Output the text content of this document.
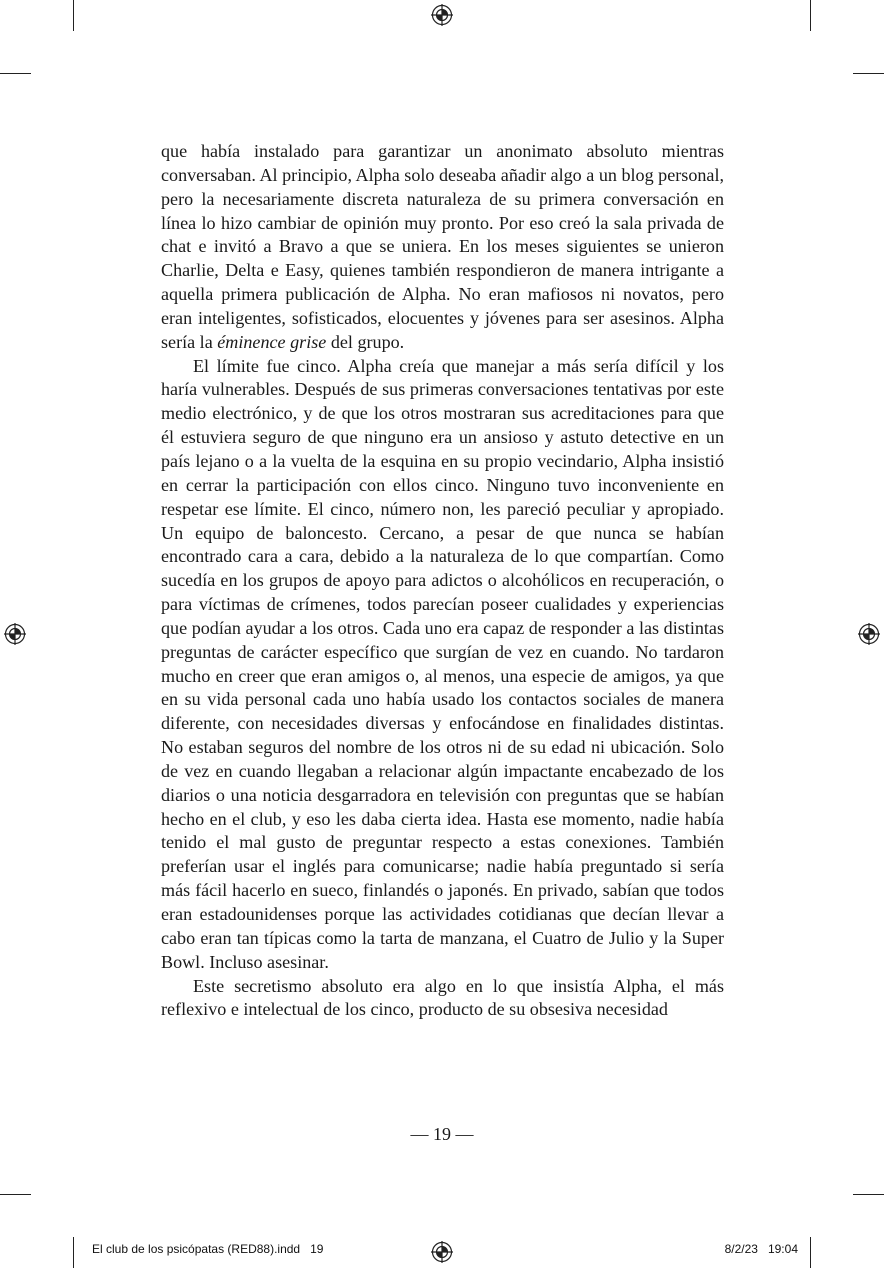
que había instalado para garantizar un anonimato absoluto mientras conversaban. Al principio, Alpha solo deseaba añadir algo a un blog personal, pero la necesariamente discreta naturaleza de su primera conversación en línea lo hizo cambiar de opinión muy pronto. Por eso creó la sala privada de chat e invitó a Bravo a que se uniera. En los meses siguientes se unieron Charlie, Delta e Easy, quienes también respondieron de manera intrigante a aquella primera publicación de Alpha. No eran mafiosos ni novatos, pero eran inteligentes, sofisticados, elocuentes y jóvenes para ser asesinos. Alpha sería la éminence grise del grupo.

El límite fue cinco. Alpha creía que manejar a más sería difícil y los haría vulnerables. Después de sus primeras conversaciones tentativas por este medio electrónico, y de que los otros mostraran sus acreditaciones para que él estuviera seguro de que ninguno era un ansioso y astuto detective en un país lejano o a la vuelta de la esquina en su propio vecindario, Alpha insistió en cerrar la participación con ellos cinco. Ninguno tuvo inconveniente en respetar ese límite. El cinco, número non, les pareció peculiar y apropiado. Un equipo de baloncesto. Cercano, a pesar de que nunca se habían encontrado cara a cara, debido a la naturaleza de lo que compartían. Como sucedía en los grupos de apoyo para adictos o alcohólicos en recuperación, o para víctimas de crímenes, todos parecían poseer cualidades y experiencias que podían ayudar a los otros. Cada uno era capaz de responder a las distintas preguntas de carácter específico que surgían de vez en cuando. No tardaron mucho en creer que eran amigos o, al menos, una especie de amigos, ya que en su vida personal cada uno había usado los contactos sociales de manera diferente, con necesidades diversas y enfocándose en finalidades distintas. No estaban seguros del nombre de los otros ni de su edad ni ubicación. Solo de vez en cuando llegaban a relacionar algún impactante encabezado de los diarios o una noticia desgarradora en televisión con preguntas que se habían hecho en el club, y eso les daba cierta idea. Hasta ese momento, nadie había tenido el mal gusto de preguntar respecto a estas conexiones. También preferían usar el inglés para comunicarse; nadie había preguntado si sería más fácil hacerlo en sueco, finlandés o japonés. En privado, sabían que todos eran estadounidenses porque las actividades cotidianas que decían llevar a cabo eran tan típicas como la tarta de manzana, el Cuatro de Julio y la Super Bowl. Incluso asesinar.

Este secretismo absoluto era algo en lo que insistía Alpha, el más reflexivo e intelectual de los cinco, producto de su obsesiva necesidad

— 19 —
El club de los psicópatas (RED88).indd   19	8/2/23   19:04
